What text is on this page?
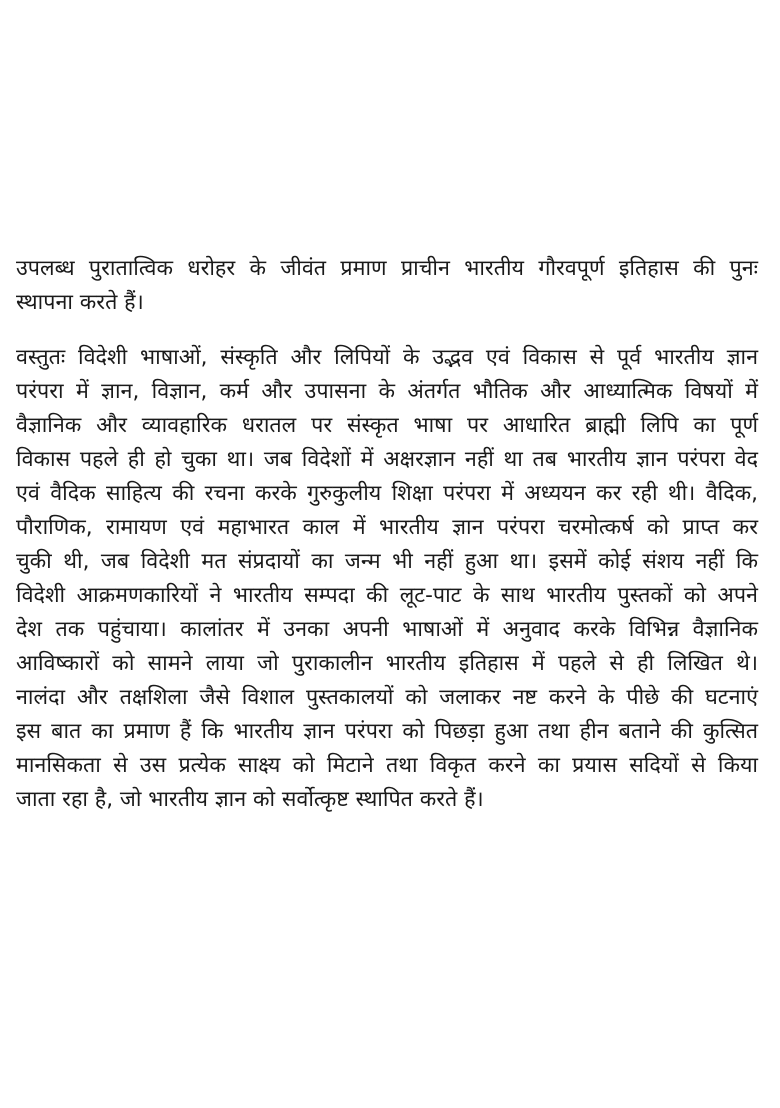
उपलब्ध पुरातात्विक धरोहर के जीवंत प्रमाण प्राचीन भारतीय गौरवपूर्ण इतिहास की पुनः
स्थापना करते हैं।

वस्तुतः विदेशी भाषाओं, संस्कृति और लिपियों के उद्भव एवं विकास से पूर्व भारतीय ज्ञान
परंपरा में ज्ञान, विज्ञान, कर्म और उपासना के अंतर्गत भौतिक और आध्यात्मिक विषयों में
वैज्ञानिक और व्यावहारिक धरातल पर संस्कृत भाषा पर आधारित ब्राह्मी लिपि का पूर्ण
विकास पहले ही हो चुका था। जब विदेशों में अक्षरज्ञान नहीं था तब भारतीय ज्ञान परंपरा वेद
एवं वैदिक साहित्य की रचना करके गुरुकुलीय शिक्षा परंपरा में अध्ययन कर रही थी। वैदिक,
पौराणिक, रामायण एवं महाभारत काल में भारतीय ज्ञान परंपरा चरमोत्कर्ष को प्राप्त कर
चुकी थी, जब विदेशी मत संप्रदायों का जन्म भी नहीं हुआ था। इसमें कोई संशय नहीं कि
विदेशी आक्रमणकारियों ने भारतीय सम्पदा की लूट-पाट के साथ भारतीय पुस्तकों को अपने
देश तक पहुंचाया। कालांतर में उनका अपनी भाषाओं में अनुवाद करके विभिन्न वैज्ञानिक
आविष्कारों को सामने लाया जो पुराकालीन भारतीय इतिहास में पहले से ही लिखित थे।
नालंदा और तक्षशिला जैसे विशाल पुस्तकालयों को जलाकर नष्ट करने के पीछे की घटनाएं
इस बात का प्रमाण हैं कि भारतीय ज्ञान परंपरा को पिछड़ा हुआ तथा हीन बताने की कुत्सित
मानसिकता से उस प्रत्येक साक्ष्य को मिटाने तथा विकृत करने का प्रयास सदियों से किया
जाता रहा है, जो भारतीय ज्ञान को सर्वोत्कृष्ट स्थापित करते हैं।
